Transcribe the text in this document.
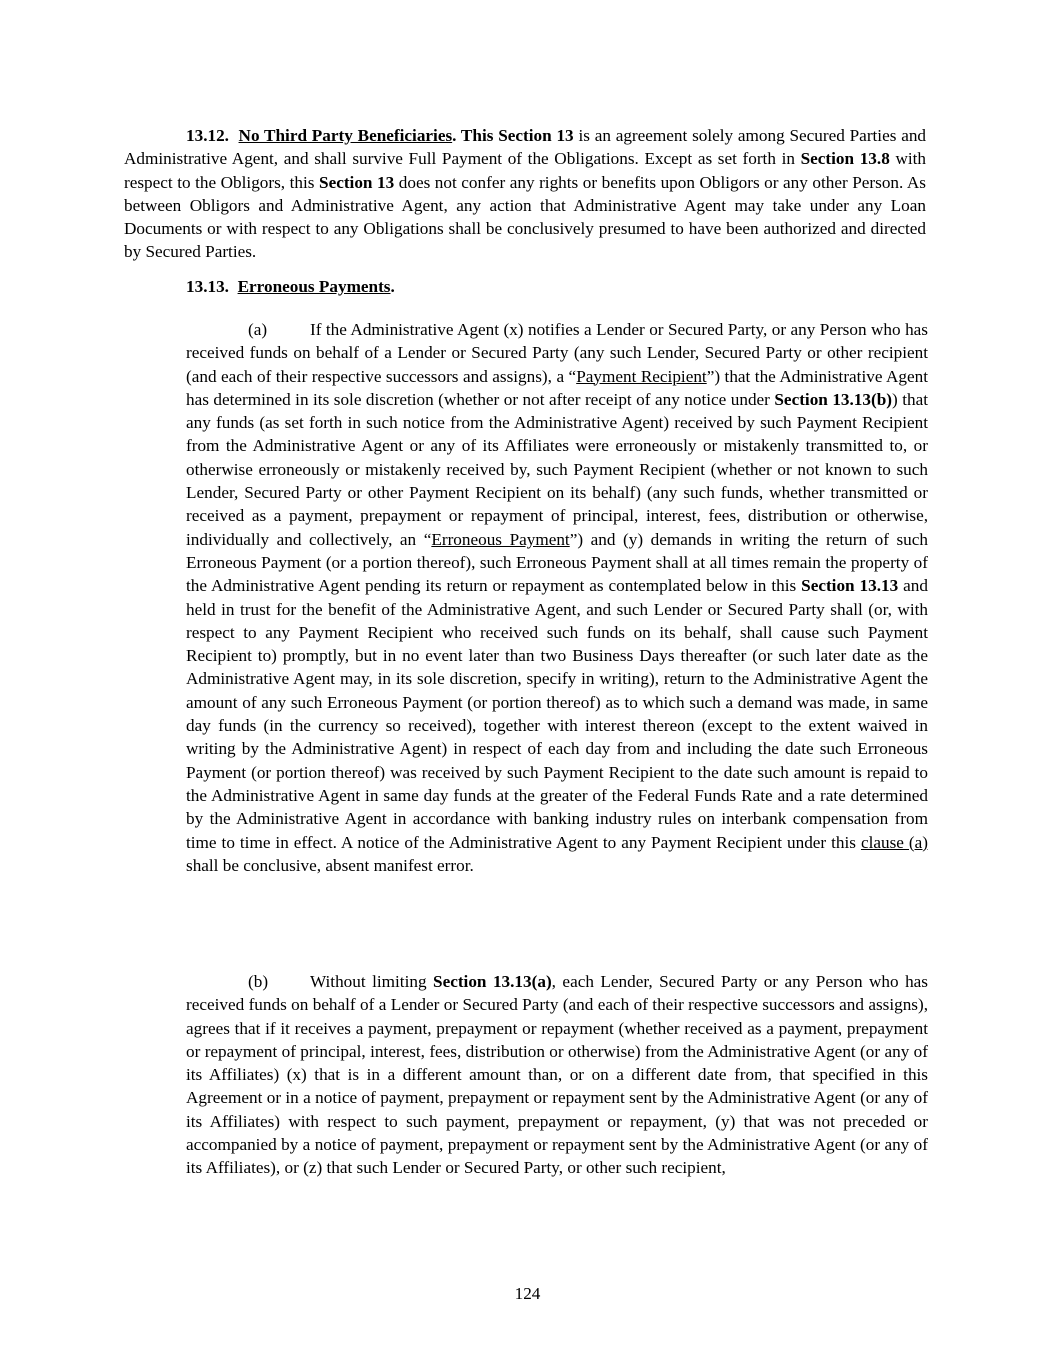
13.12. No Third Party Beneficiaries. This Section 13 is an agreement solely among Secured Parties and Administrative Agent, and shall survive Full Payment of the Obligations. Except as set forth in Section 13.8 with respect to the Obligors, this Section 13 does not confer any rights or benefits upon Obligors or any other Person. As between Obligors and Administrative Agent, any action that Administrative Agent may take under any Loan Documents or with respect to any Obligations shall be conclusively presumed to have been authorized and directed by Secured Parties.

13.13. Erroneous Payments.

(a) If the Administrative Agent (x) notifies a Lender or Secured Party, or any Person who has received funds on behalf of a Lender or Secured Party (any such Lender, Secured Party or other recipient (and each of their respective successors and assigns), a “Payment Recipient”) that the Administrative Agent has determined in its sole discretion (whether or not after receipt of any notice under Section 13.13(b)) that any funds (as set forth in such notice from the Administrative Agent) received by such Payment Recipient from the Administrative Agent or any of its Affiliates were erroneously or mistakenly transmitted to, or otherwise erroneously or mistakenly received by, such Payment Recipient (whether or not known to such Lender, Secured Party or other Payment Recipient on its behalf) (any such funds, whether transmitted or received as a payment, prepayment or repayment of principal, interest, fees, distribution or otherwise, individually and collectively, an “Erroneous Payment”) and (y) demands in writing the return of such Erroneous Payment (or a portion thereof), such Erroneous Payment shall at all times remain the property of the Administrative Agent pending its return or repayment as contemplated below in this Section 13.13 and held in trust for the benefit of the Administrative Agent, and such Lender or Secured Party shall (or, with respect to any Payment Recipient who received such funds on its behalf, shall cause such Payment Recipient to) promptly, but in no event later than two Business Days thereafter (or such later date as the Administrative Agent may, in its sole discretion, specify in writing), return to the Administrative Agent the amount of any such Erroneous Payment (or portion thereof) as to which such a demand was made, in same day funds (in the currency so received), together with interest thereon (except to the extent waived in writing by the Administrative Agent) in respect of each day from and including the date such Erroneous Payment (or portion thereof) was received by such Payment Recipient to the date such amount is repaid to the Administrative Agent in same day funds at the greater of the Federal Funds Rate and a rate determined by the Administrative Agent in accordance with banking industry rules on interbank compensation from time to time in effect. A notice of the Administrative Agent to any Payment Recipient under this clause (a) shall be conclusive, absent manifest error.

(b) Without limiting Section 13.13(a), each Lender, Secured Party or any Person who has received funds on behalf of a Lender or Secured Party (and each of their respective successors and assigns), agrees that if it receives a payment, prepayment or repayment (whether received as a payment, prepayment or repayment of principal, interest, fees, distribution or otherwise) from the Administrative Agent (or any of its Affiliates) (x) that is in a different amount than, or on a different date from, that specified in this Agreement or in a notice of payment, prepayment or repayment sent by the Administrative Agent (or any of its Affiliates) with respect to such payment, prepayment or repayment, (y) that was not preceded or accompanied by a notice of payment, prepayment or repayment sent by the Administrative Agent (or any of its Affiliates), or (z) that such Lender or Secured Party, or other such recipient,

124
